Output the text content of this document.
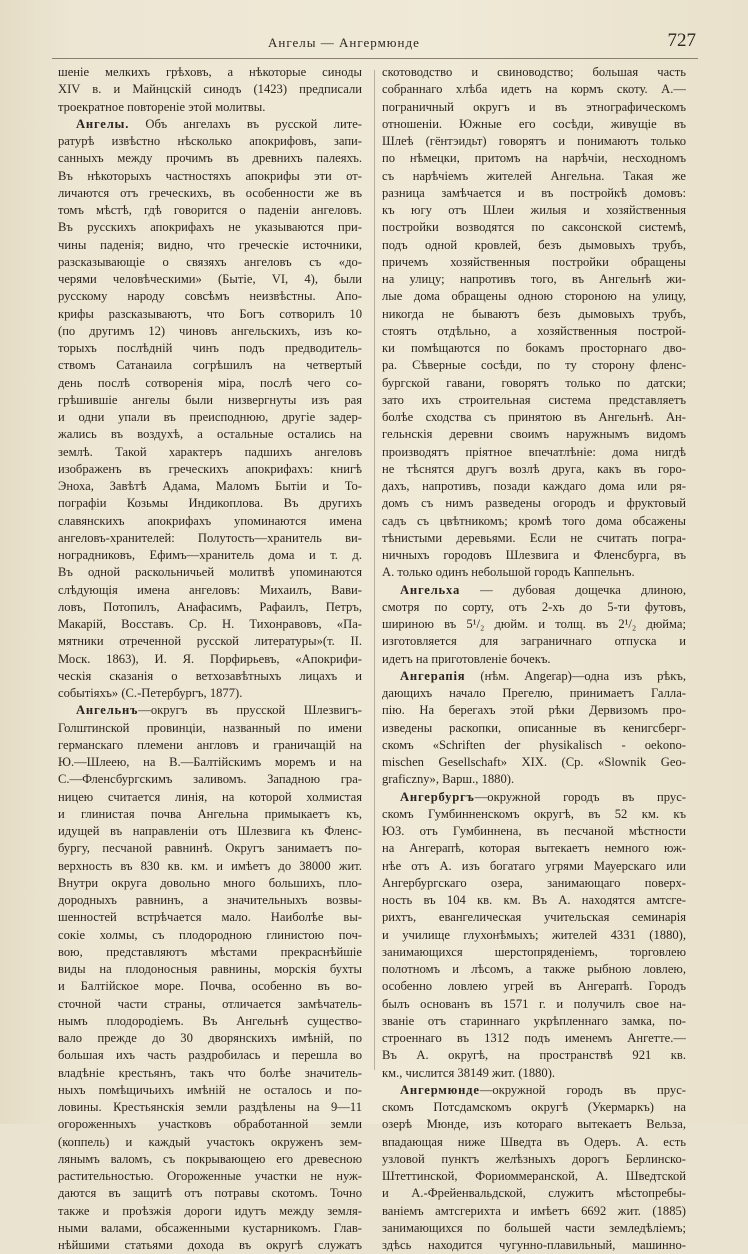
Ангелы — Ангермюнде	727
шеніе мелкихъ грѣховъ, а нѣкоторые синоды
XIV в. и Майнцскій синодъ (1423) предписали
троекратное повтореніе этой молитвы.
Ангелы. Объ ангелахъ въ русской лите-
ратурѣ извѣстно нѣсколько апокрифовъ, запи-
санныхъ между прочимъ въ древнихъ палеяхъ.
Въ нѣкоторыхъ частностяхъ апокрифы эти от-
личаются отъ греческихъ, въ особенности же въ
томъ мѣстѣ, гдѣ говорится о паденіи ангеловъ.
Въ русскихъ апокрифахъ не указываются при-
чины паденія; видно, что греческіе источники,
разсказывающіе о связяхъ ангеловъ съ «до-
черями человѣческими» (Бытіе, VI, 4), были
русскому народу совсѣмъ неизвѣстны. Апо-
крифы разсказываютъ, что Богъ сотворилъ 10
(по другимъ 12) чиновъ ангельскихъ, изъ ко-
торыхъ послѣдній чинъ подъ предводитель-
ствомъ Сатанаила согрѣшилъ на четвертый
день послѣ сотворенія міра, послѣ чего со-
грѣшившіе ангелы были низвергнуты изъ рая
и одни упали въ преисподнюю, другіе задер-
жались въ воздухѣ, а остальные остались на
землѣ. Такой характеръ падшихъ ангеловъ
изображенъ въ греческихъ апокрифахъ: книгѣ
Эноха, Завѣтѣ Адама, Маломъ Бытіи и То-
пографіи Козьмы Индикоплова. Въ другихъ
славянскихъ апокрифахъ упоминаются имена
ангеловъ-хранителей: Полутость—хранитель ви-
ноградниковъ, Ефимъ—хранитель дома и т. д.
Въ одной раскольничьей молитвѣ упоминаются
слѣдующія имена ангеловъ: Михаилъ, Вави-
ловъ, Потопилъ, Анафасимъ, Рафаилъ, Петръ,
Макарій, Восставъ. Ср. Н. Тихонравовъ, «Па-
мятники отреченной русской литературы»(т. II.
Моск. 1863), И. Я. Порфирьевъ, «Апокрифи-
ческія сказанія о ветхозавѣтныхъ лицахъ и
событіяхъ» (С.-Петербургъ, 1877).
Ангельнъ—округъ въ прусской Шлезвигъ-
Голштинской провинціи, названный по имени
германскаго племени англовъ и граничащій на
Ю.—Шлеею, на В.—Балтійскимъ моремъ и на
С.—Фленсбургскимъ заливомъ. Западною гра-
ницею считается линія, на которой холмистая
и глинистая почва Ангельна примыкаетъ къ,
идущей въ направленіи отъ Шлезвига къ Фленс-
бургу, песчаной равнинѣ. Округъ занимаетъ по-
верхность въ 830 кв. км. и имѣетъ до 38000 жит.
Внутри округа довольно много большихъ, пло-
дородныхъ равнинъ, а значительныхъ возвы-
шенностей встрѣчается мало. Наиболѣе вы-
сокіе холмы, съ плодородною глинистою поч-
вою, представляютъ мѣстами прекраснѣйшіе
виды на плодоносныя равнины, морскія бухты
и Балтійское море. Почва, особенно въ во-
сточной части страны, отличается замѣчатель-
нымъ плодородіемъ. Въ Ангельнѣ существо-
вало прежде до 30 дворянскихъ имѣній, по
большая ихъ часть раздробилась и перешла во
владѣніе крестьянъ, такъ что болѣе значитель-
ныхъ помѣщичьихъ имѣній не осталось и по-
ловины. Крестьянскія земли раздѣлены на 9—11
огороженныхъ участковъ обработанной земли
(коппель) и каждый участокъ окруженъ зем-
лянымъ валомъ, съ покрывающею его древесною
растительностью. Огороженные участки не нуж-
даются въ защитѣ отъ потравы скотомъ. Точно
также и проѣзжія дороги идутъ между земля-
ными валами, обсаженными кустарникомъ. Глав-
нѣйшими статьями дохода въ округѣ служатъ
скотоводство и свиноводство; большая часть
собраннаго хлѣба идетъ на кормъ скоту. А.—
пограничный округъ и въ этнографическомъ
отношеніи. Южные его сосѣди, живущіе въ
Шлеѣ (гёнтэидьт) говорятъ и понимаютъ только
по нѣмецки, притомъ на нарѣчіи, несходномъ
съ нарѣчіемъ жителей Ангельна. Такая же
разница замѣчается и въ постройкѣ домовъ:
къ югу отъ Шлеи жилыя и хозяйственныя
постройки возводятся по саксонской системѣ,
подъ одной кровлей, безъ дымовыхъ трубъ,
причемъ хозяйственныя постройки обращены
на улицу; напротивъ того, въ Ангельнѣ жи-
лые дома обращены одною стороною на улицу,
никогда не бываютъ безъ дымовыхъ трубъ,
стоятъ отдѣльно, а хозяйственныя построй-
ки помѣщаются по бокамъ просторнаго дво-
ра. Сѣверные сосѣди, по ту сторону фленс-
бургской гавани, говорятъ только по датски;
зато ихъ строительная система представляетъ
болѣе сходства съ принятою въ Ангельнѣ. Ан-
гельнскія деревни своимъ наружнымъ видомъ
производятъ пріятное впечатлѣніе: дома нигдѣ
не тѣснятся другъ возлѣ друга, какъ въ горо-
дахъ, напротивъ, позади каждаго дома или ря-
домъ съ нимъ разведены огородъ и фруктовый
садъ съ цвѣтникомъ; кромѣ того дома обсажены
тѣнистыми деревьями. Если не считать погра-
ничныхъ городовъ Шлезвига и Фленсбурга, въ
А. только одинъ небольшой городъ Каппельнъ.
Ангельха — дубовая дощечка длиною,
смотря по сорту, отъ 2-хъ до 5-ти футовъ,
шириною въ 5¹/₂ дюйм. и толщ. въ 2¹/₂ дюйма;
изготовляется для заграничнаго отпуска и
идетъ на приготовленіе бочекъ.
Ангерапія (нѣм. Angerap)—одна изъ рѣкъ,
дающихъ начало Прегелю, принимаетъ Галла-
пію. На берегахъ этой рѣки Дервизомъ про-
изведены раскопки, описанные въ кенигсберг-
скомъ «Schriften der physikalisch - oekono-
mischen Gesellschaft» XIX. (Ср. «Slownik Geo-
graficzny», Варш., 1880).
Ангербургъ—окружной городъ въ прус-
скомъ Гумбинненскомъ округѣ, въ 52 км. къ
ЮЗ. отъ Гумбиннена, въ песчаной мѣстности
на Ангерапѣ, которая вытекаетъ немного юж-
нѣе отъ А. изъ богатаго угрями Мауерскаго или
Ангербургскаго озера, занимающаго поверх-
ность въ 104 кв. км. Въ А. находятся амтсге-
рихтъ, евангелическая учительская семинарія
и училище глухонѣмыхъ; жителей 4331 (1880),
занимающихся шерстопряденіемъ, торговлею
полотномъ и лѣсомъ, а также рыбною ловлею,
особенно ловлею угрей въ Ангерапѣ. Городъ
былъ основанъ въ 1571 г. и получилъ свое на-
званіе отъ стариннаго укрѣпленнаго замка, по-
строеннаго въ 1312 подъ именемъ Ангетте.—
Въ А. округѣ, на пространствѣ 921 кв.
км., числится 38149 жит. (1880).
Ангермюнде—окружной городъ въ прус-
скомъ Потсдамскомъ округѣ (Укермаркъ) на
озерѣ Мюнде, изъ котораго вытекаетъ Вельза,
впадающая ниже Шведта въ Одеръ. А. есть
узловой пунктъ желѣзныхъ дорогъ Берлинско-
Штеттинской, Фориоммеранской, А. Шведтской
и А.-Фрейенвальдской, служитъ мѣстопребы-
ваніемъ амтсгерихта и имѣетъ 6692 жит. (1885)
занимающихся по большей части земледѣліемъ;
здѣсь находится чугунно-плавильный, машинно-
